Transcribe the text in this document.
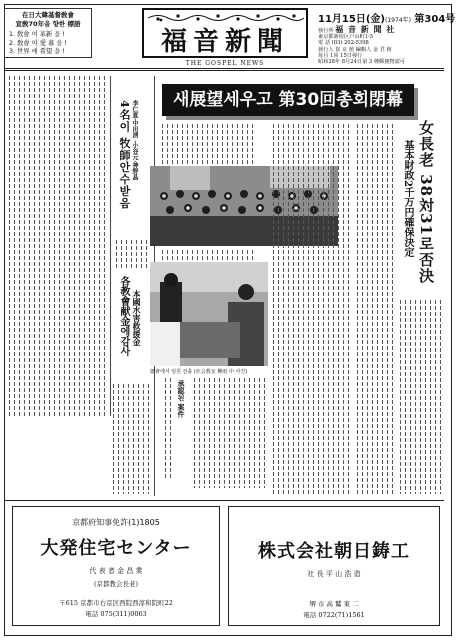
在日大韓基督敎會
宣敎70年을 향한 標語
1. 敎會 여 革新 을 !
2. 敎會 여 愛 慕 을 !
3. 世界 에 希望 을 !	福音新聞
THE GOSPEL NEWS
11月15日(金)(1974年) 第304号
發行所 福 音 新 聞 社
東京都新宿区戸山町1-5
電 話 (03) 202-5398
發行人 崔 京 植 編輯人 金 君 植
每月 1回 15日發行
昭和28年 8月24日第 3 種郵便物認可
4名이 牧師안수받음 李仁夏·中田淸 ·小谷元·神野晶
各教會献金에감사 本國水害救援金
새展望세우고 第30回총회閉幕
總會에서 임원 선출 (社会教室 柳雨 中 사진)
承認된 案件
女長老 38対31로否決
基本財政2千万円確保決定
京都府知事免許(1)1805
大発住宅センター
代 表 者 金 昌 業
(京都教会長老)
〒615 京都市右京区西院西淳和院町22
電話 075(311)0063
株式会社朝日鋳工
社 長 平 山 浩 造
堺 市 高 鷲 東 二
電話 0722(71)1561
